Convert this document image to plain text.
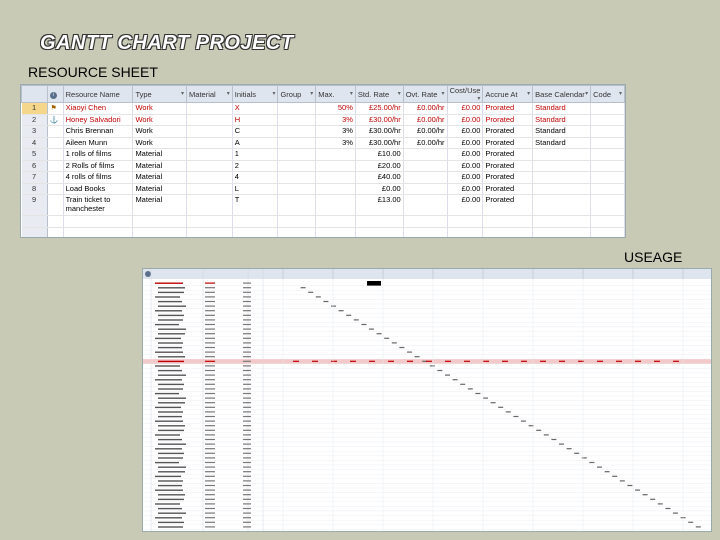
GANTT CHART PROJECT
RESOURCE SHEET
	i	Resource Name	Type ▾	Material ▾	Initials ▾	Group ▾	Max. ▾	Std. Rate ▾	Ovt. Rate ▾	Cost/Use ▾	Accrue At ▾	Base Calendar ▾	Code ▾
1	⚑	Xiaoyi Chen	Work		X		50%	£25.00/hr	£0.00/hr	£0.00	Prorated	Standard	
2	⚓	Honey Salvadori	Work		H		3%	£30.00/hr	£0.00/hr	£0.00	Prorated	Standard	
3		Chris Brennan	Work		C		3%	£30.00/hr	£0.00/hr	£0.00	Prorated	Standard	
4		Aileen Munn	Work		A		3%	£30.00/hr	£0.00/hr	£0.00	Prorated	Standard	
5		1 rolls of films	Material		1			£10.00		£0.00	Prorated		
6		2 Rolls of films	Material		2			£20.00		£0.00	Prorated		
7		4 rolls of films	Material		4			£40.00		£0.00	Prorated		
8		Load Books	Material		L			£0.00		£0.00	Prorated		
9		Train ticket to manchester	Material		T			£13.00		£0.00	Prorated		

USEAGE
